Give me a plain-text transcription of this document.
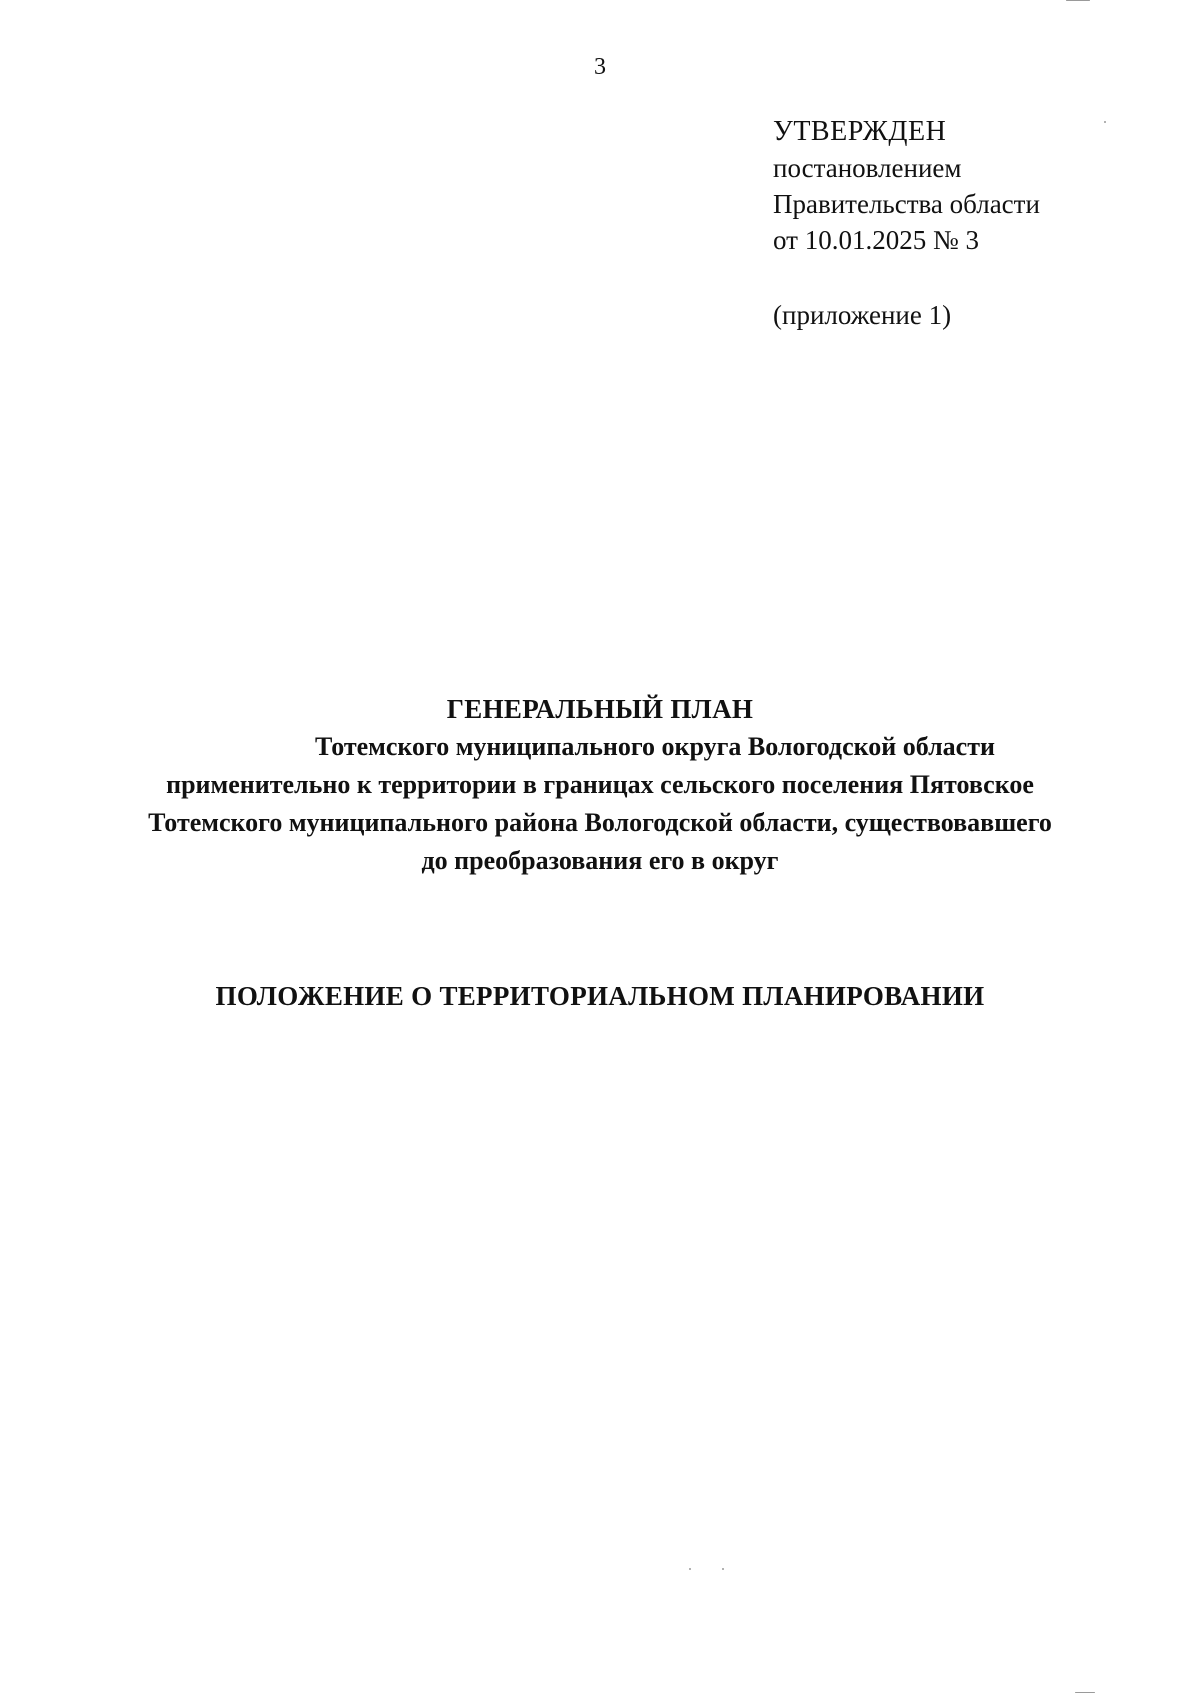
3
УТВЕРЖДЕН
постановлением
Правительства области
от 10.01.2025 № 3
(приложение 1)
ГЕНЕРАЛЬНЫЙ ПЛАН
Тотемского муниципального округа Вологодской области
применительно к территории в границах сельского поселения Пятовское
Тотемского муниципального района Вологодской области, существовавшего
до преобразования его в округ
ПОЛОЖЕНИЕ О ТЕРРИТОРИАЛЬНОМ ПЛАНИРОВАНИИ
